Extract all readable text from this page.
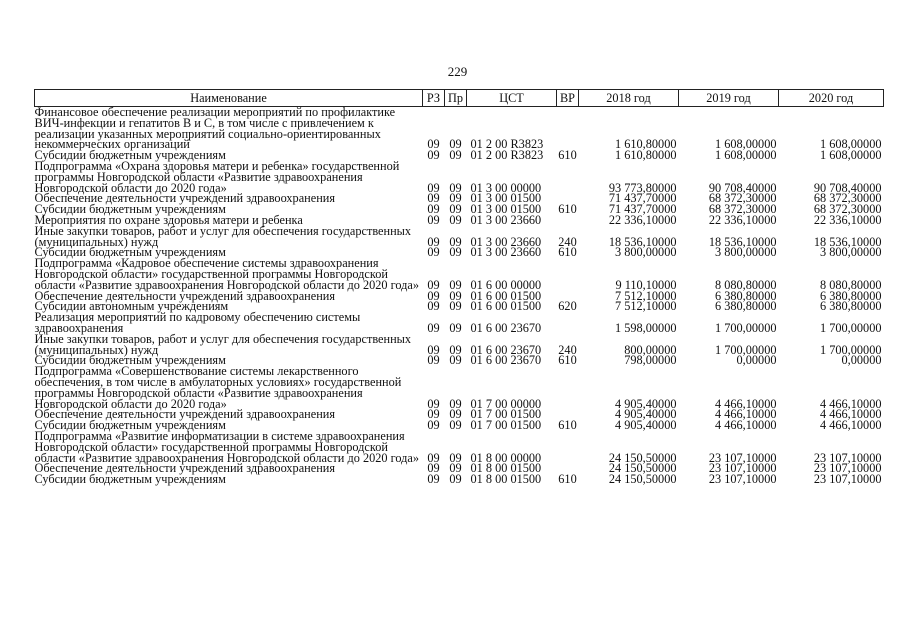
229
Наименование	РЗ	Пр	ЦСТ	ВР	2018 год	2019 год	2020 год
Финансовое обеспечение реализации мероприятий по профилактике ВИЧ-инфекции и гепатитов В и С, в том числе с привлечением к реализации указанных мероприятий социально-ориентированных некоммерческих организаций	09	09	01 2 00 R3823		1 610,80000	1 608,00000	1 608,00000
Субсидии бюджетным учреждениям	09	09	01 2 00 R3823	610	1 610,80000	1 608,00000	1 608,00000
Подпрограмма «Охрана здоровья матери и ребенка» государственной программы Новгородской области «Развитие здравоохранения Новгородской области до 2020 года»	09	09	01 3 00 00000		93 773,80000	90 708,40000	90 708,40000
Обеспечение деятельности учреждений здравоохранения	09	09	01 3 00 01500		71 437,70000	68 372,30000	68 372,30000
Субсидии бюджетным учреждениям	09	09	01 3 00 01500	610	71 437,70000	68 372,30000	68 372,30000
Мероприятия по охране здоровья матери и ребенка	09	09	01 3 00 23660		22 336,10000	22 336,10000	22 336,10000
Иные закупки товаров, работ и услуг для обеспечения государственных (муниципальных) нужд	09	09	01 3 00 23660	240	18 536,10000	18 536,10000	18 536,10000
Субсидии бюджетным учреждениям	09	09	01 3 00 23660	610	3 800,00000	3 800,00000	3 800,00000
Подпрограмма «Кадровое обеспечение системы здравоохранения Новгородской области» государственной программы Новгородской области «Развитие здравоохранения Новгородской области до 2020 года»	09	09	01 6 00 00000		9 110,10000	8 080,80000	8 080,80000
Обеспечение деятельности учреждений здравоохранения	09	09	01 6 00 01500		7 512,10000	6 380,80000	6 380,80000
Субсидии автономным учреждениям	09	09	01 6 00 01500	620	7 512,10000	6 380,80000	6 380,80000
Реализация мероприятий по кадровому обеспечению системы здравоохранения	09	09	01 6 00 23670		1 598,00000	1 700,00000	1 700,00000
Иные закупки товаров, работ и услуг для обеспечения государственных (муниципальных) нужд	09	09	01 6 00 23670	240	800,00000	1 700,00000	1 700,00000
Субсидии бюджетным учреждениям	09	09	01 6 00 23670	610	798,00000	0,00000	0,00000
Подпрограмма «Совершенствование системы лекарственного обеспечения, в том числе в амбулаторных условиях» государственной программы Новгородской области «Развитие здравоохранения Новгородской области до 2020 года»	09	09	01 7 00 00000		4 905,40000	4 466,10000	4 466,10000
Обеспечение деятельности учреждений здравоохранения	09	09	01 7 00 01500		4 905,40000	4 466,10000	4 466,10000
Субсидии бюджетным учреждениям	09	09	01 7 00 01500	610	4 905,40000	4 466,10000	4 466,10000
Подпрограмма «Развитие информатизации в системе здравоохранения Новгородской области» государственной программы Новгородской области «Развитие здравоохранения Новгородской области до 2020 года»	09	09	01 8 00 00000		24 150,50000	23 107,10000	23 107,10000
Обеспечение деятельности учреждений здравоохранения	09	09	01 8 00 01500		24 150,50000	23 107,10000	23 107,10000
Субсидии бюджетным учреждениям	09	09	01 8 00 01500	610	24 150,50000	23 107,10000	23 107,10000
